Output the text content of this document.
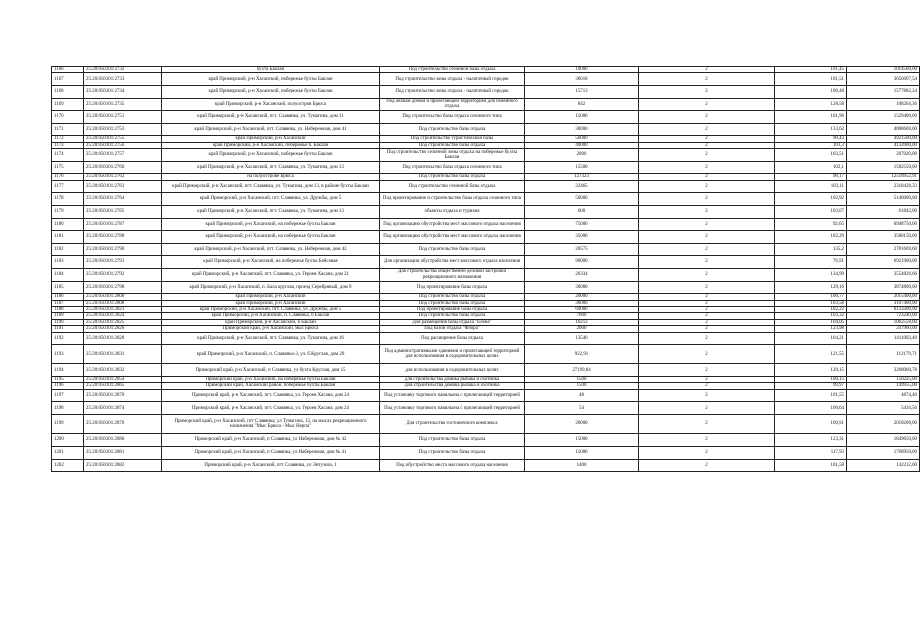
1166	25:20:050101:2732	бухта Баклан	Под строительство сезонной базы отдыха	10000	2	101,45	1014500,00
1167	25:20:050101:2733	край Приморский, р-н Хасанский, побережье бухты Баклан	Под строительство зоны отдыха - палаточный городок	36018	2	101,51	3656007,54
1168	25:20:050101:2734	край Приморский, р-н Хасанский, побережье бухты Баклан	Под строительство зоны отдыха - палаточный городок	15713	2	100,48	1577882,24
1169	25:20:050101:2735	край Приморский, р-н Хасанский, полуостров Брюса	Под жилым домом и прилегающей территорией для семейного отдыха	842	2	128,58	108264,36
1170	25:20:050101:2751	край Приморский, р-н Хасанский, пгт. Славянка, ул. Тумагина, дом 11	Под строительство базы отдыха сезонного типа	15000	2	101,96	1529400,00
1171	25:20:050101:2753	край Приморский, р-н Хасанский, пгт. Славянка, ул. Набережная, дом 41	Под строительство базы отдыха	30000	2	133,62	4008600,00
1172	25:20:050101:2755	край Приморский, р-н Хасанский	Под строительство туристической базы	50000	2	98,43	4921500,00
1173	25:20:050101:2756	край Приморский, р-н Хасанский, побережье б. Баклан	Под строительство базы отдыха	40000	2	103,3	4132000,00
1174	25:20:050101:2757	край Приморский, р-н Хасанский, побережье бухты Баклан	Под строительство сезонной зоны отдыха на побережье бухты Баклан	2000	2	103,51	207020,00
1175	25:20:050101:2760	край Приморский, р-н Хасанский, пгт. Славянка, ул. Тумагина, дом 13	Под строительство базы отдыха сезонного типа	15500	2	102,1	1582550,00
1176	25:20:050101:2762	на полуострове Брюса	Под строительство базы отдыха	127323	2	98,17	12518952,91
1177	25:20:050101:2763	край Приморский, р-н Хасанский, пгт. Славянка, ул. Тумагина, дом 13, в районе бухты Баклан	Под строительство сезонной базы отдыха	22465	2	103,11	2318428,33
1178	25:20:050101:2764	край Приморский, р-н Хасанский, пгт. Славянка, ул. Дружбы, дом 5	Под проектирование и строительство базы отдыха сезонного типа	50000	2	102,92	5146000,00
1179	25:20:050101:2765	край Приморский, р-н Хасанский, пгт. Славянка, ул. Тумагина, дом 13	объекты отдыха и туризма	600	2	103,07	61842,00
1180	25:20:050101:2787	край Приморский, р-н Хасанский, на побережье бухты Баклан	Под организацию обустройства мест массового отдыха населения	75000	2	92,65	6948750,00
1181	25:20:050101:2788	край Приморский, р-н Хасанский, на побережье бухты Баклан	Под организацию обустройства мест массового отдыха населения	35000	2	102,29	3580150,00
1182	25:20:050101:2790	край Приморский, р-н Хасанский, пгт. Славянка, ул. Набережная, дом 42	Под строительство базы отдыха	20575	2	135,2	2781669,60
1183	25:20:050101:2791	край Приморский, р-н Хасанский, на побережье бухты Бейсовая	Для организации обустройства мест массового отдыха населения	90000	2	76,91	6921900,00
1184	25:20:050101:2792	край Приморский, р-н Хасанский, пгт. Славянка, ул. Героев Хасана, дом 21	Для строительства общественно-деловой застройки рекреационного назначения	26334	2	134,99	3554826,66
1185	25:20:050101:2798	край Приморский, р-н Хасанский, п. Бала круглая, проезд Серебряный, дом 9	Под проектирование базы отдыха	30000	2	129,16	3874800,00
1186	25:20:050101:2800	край Приморский, р-н Хасанский	Под строительство базы отдыха	20000	2	100,77	2015400,00
1187	25:20:050101:2808	край Приморский, р-н Хасанский	Под строительство базы отдыха	30000	2	103,58	3107400,00
1188	25:20:050101:2821	край Приморский, р-н Хасанский, пгт. Славянка, ул. Дружбы, дом 5	Под проектирование базы отдыха	60000	2	102,22	6133200,00
1189	25:20:050101:2824	край Приморский, р-н Хасанский, п. Славянка, б Баклан	Под строительство базы отдыха	7000	2	103,32	723240,00
1190	25:20:050101:2825	край Приморский, р-н Хасанский, б Баклан	Для размещения базы отдыха "Елена"	10212	2	104,05	1062558,60
1191	25:20:050101:2826	Приморский край, р-н Хасанский, мыс Брюса	Под базой отдыха "Флора"	2000	2	123,98	247960,00
1192	25:20:050101:2828	край Приморский, р-н Хасанский, пгт. Славянка, ул. Тумагина, дом 16	Под расширение базы отдыха	13540	2	104,21	1411003,40
1193	25:20:050101:2831	край Приморский, р-н Хасанский, п. Славянка-3, ул. б.Круглая, дом 20	Под административными зданиями и прилегающей территорией для использования в оздоровительных целях	922,91	2	121,55	112179,71
1194	25:20:050101:2832	Приморский край, р-н Хасанский, п Славянка, ул бухта Круглая, дом 15	для использования в оздоровительных целях	27199,84	2	120,15	3268060,78
1195	25:20:050101:2854	Приморский край, р-н Хасанский, на побережье бухты Баклан	для строительства домика рыбака и охотника	1500	2	100,15	150225,00
1196	25:20:050101:2865	Приморский край, Хасанский район, побережье бухты Баклан	Для строительства домика рыбака и охотника	1500	2	99,97	149955,00
1197	25:20:050101:2870	Приморский край, р-н Хасанский, пгт. Славянка, ул. Героев Хасана, дом 24	Под установку торгового павильона с прилегающей территорией	48	2	101,55	4874,40
1198	25:20:050101:2874	Приморский край, р-н Хасанский, пгт. Славянка, ул. Героев Хасана, дом 24	Под установку торгового павильона с прилегающей территорией	54	2	100,64	5434,56
1199	25:20:050101:2876	Приморский край, р-н Хасанский, пгт Славянка, ул Тумагина, 13, на мысах рекреационного назначения "Мыс Брюса - Мыс Нерпа"	Для строительства гостиничного комплекса	20000	2	100,91	2018200,00
1200	25:20:050101:2880	Приморский край, р-н Хасанский, п Славянка, ул Набережная, дом № 42	Под строительство базы отдыха	15000	2	123,31	1849650,00
1201	25:20:050101:2881	Приморский край, р-н Хасанский, п Славянка, ул Набережная, дом № 41	Под строительство базы отдыха	15000	2	117,93	1768950,00
1202	25:20:050101:2882	Приморский край, р-н Хасанский, пгт Славянка, ул Энтузиаз, 1	Под обустройство места массового отдыха населения	1400	2	101,58	142212,00
